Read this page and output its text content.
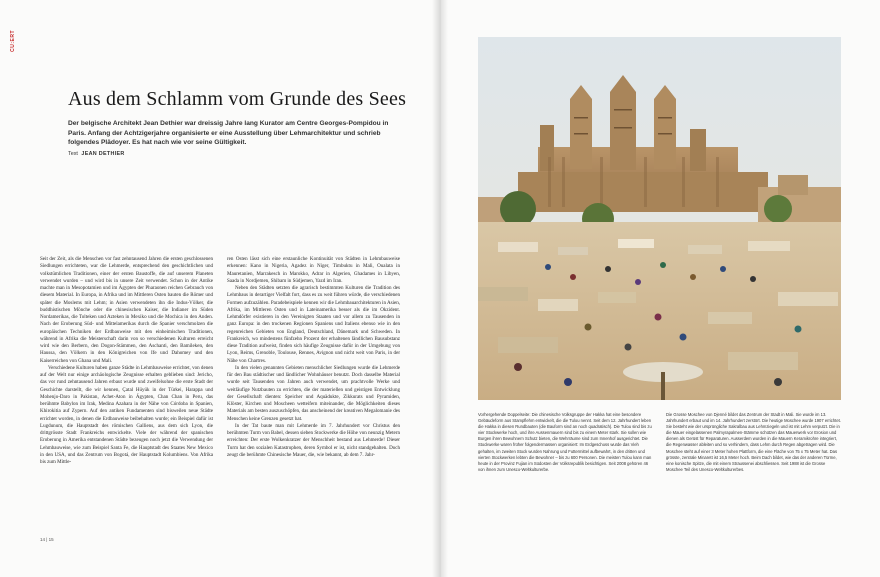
CU:ERT
Aus dem Schlamm vom Grunde des Sees

Der belgische Architekt Jean Dethier war dreissig Jahre lang Kurator am Centre Georges-Pompidou in Paris. Anfang der Achtzigerjahre organisierte er eine Ausstellung über Lehmarchitektur und schrieb folgendes Plädoyer. Es hat nach wie vor seine Gültigkeit.

Text JEAN DETHIER

Seit der Zeit, als die Menschen vor fast zehntausend Jahren die ersten geschlossenen Siedlungen errichteten, war die Lehmerde, entsprechend den geschichtlichen und volkstümlichen Traditionen, einer der ersten Baustoffe, die auf unserem Planeten verwendet wurden – und wird bis in unsere Zeit verwendet. Schon in der Antike machte man in Mesopotamien und im Ägypten der Pharaonen reichen Gebrauch von diesem Material. In Europa, in Afrika und im Mittleren Osten bauten die Römer und später die Moslems mit Lehm; in Asien verwendeten ihn die Indus-Völker, die buddhistischen Mönche oder die chinesischen Kaiser, die Indianer im Süden Nordamerikas, die Tolteken und Azteken in Mexiko und die Mochica in den Anden. Nach der Eroberung Süd- und Mittelamerikas durch die Spanier verschmolzen die europäischen Techniken der Erdbauweise mit den einheimischen Traditionen, während in Afrika die Meisterschaft darin von so verschiedenen Kulturen erreicht wird wie den Berbern, den Dogon-Stämmen, den Aschanti, den Bamileken, den Haussa, den Völkern in den Königreichen von Ife und Dahomey und den Kaiserreichen von Ghana und Mali.

Verschiedene Kulturen haben ganze Städte in Lehmbauweise errichtet, von denen auf der Welt nur einige archäologische Zeugnisse erhalten geblieben sind: Jericho, das vor rund zehntausend Jahren erbaut wurde und zweifelsohne die erste Stadt der Geschichte darstellt, die wir kennen, Çatal Hüyük in der Türkei, Harappa und Mohenjo-Daro in Pakistan, Achet-Aton in Ägypten, Chan Chan in Peru, das berühmte Babylon im Irak, Medina Azahara in der Nähe von Córdoba in Spanien, Khirokitia auf Zypern. Auf den antiken Fundamenten sind bisweilen neue Städte errichtet worden, in denen die Erdbauweise beibehalten wurde; ein Beispiel dafür ist Lugdunum, die Hauptstadt des römischen Galliens, aus dem sich Lyon, die drittgrösste Stadt Frankreichs entwickelte. Viele der während der spanischen Eroberung in Amerika entstandenen Städte bezeugen noch jetzt die Verwendung der Lehmbauweise, wie zum Beispiel Santa Fe, die Hauptstadt des Staates New Mexico in den USA, und das Zentrum von Bogotá, der Hauptstadt Kolumbiens. Von Afrika bis zum Mittle-

ren Osten lässt sich eine erstaunliche Kontinuität von Städten in Lehmbauweise erkennen: Kano in Nigeria, Agadez in Niger, Timbuktu in Mali, Oualata in Mauretanien, Marrakesch in Marokko, Adrar in Algerien, Ghadames in Libyen, Saada in Nordjemen, Shibam in Südjemen, Yazd im Iran.

Neben den Städten setzten die agrarisch bestimmten Kulturen die Tradition des Lehmbaus in derartiger Vielfalt fort, dass es zu weit führen würde, die verschiedenen Formen aufzuzählen. Paradebeispiele kennen wir die Lehmbauarchitekturen in Asien, Afrika, im Mittleren Osten und in Lateinamerika besser als die im Okzident. Lehmdörfer existieren in den Vereinigten Staaten und vor allem zu Tausenden in ganz Europa: in den trockenen Regionen Spaniens und Italiens ebenso wie in den regenreichen Gebieten von England, Deutschland, Dänemark und Schweden. In Frankreich, wo mindestens fünfzehn Prozent der erhaltenen ländlichen Bausubstanz diese Tradition aufweist, finden sich häufige Zeugnisse dafür in der Umgebung von Lyon, Reims, Grenoble, Toulouse, Rennes, Avignon und nicht weit von Paris, in der Nähe von Chartres.

In den vielen genannten Gebieten menschlicher Siedlungen wurde die Lehmerde für den Bau städtischer und ländlicher Wohnhäuser benutzt. Doch dasselbe Material wurde seit Tausenden von Jahren auch verwendet, um prachtvolle Werke und weitläufige Nutzbauten zu errichten, die der materiellen und geistigen Entwicklung der Gesellschaft dienten: Speicher und Aquädukte, Zikkurats und Pyramiden, Klöster, Kirchen und Moscheen wetteifern miteinander, die Möglichkeiten dieses Materials am besten auszuschöpfen, das anscheinend der kreativen Megalomanie des Menschen keine Grenzen gesetzt hat.

In der Tat baute man mit Lehmerde im 7. Jahrhundert vor Christus den berühmten Turm von Babel, dessen sieben Stockwerke die Höhe von neunzig Metern erreichten: Der erste Wolkenkratzer der Menschheit bestand aus Lehmerde! Dieser Turm hat den sozialen Katastrophen, deren Symbol er ist, nicht standgehalten. Doch zeugt die berühmte Chinesische Mauer, die, wie bekannt, ab dem 7. Jahr-

14 | 15

Vorhergehende Doppelseite: Die chinesische Volksgruppe der Hakka hat eine besondere Gebäudeform aus Stampflehm entwickelt, die die Tulou nennt. Seit dem 12. Jahrhundert leben die Hakka in diesen Rundbauten (die Bauform sind an noch quadratisch). Die Tulou sind bis zu vier Stockwerke hoch, und ihre Aussenmauern sind bis zu einem Meter stark. Sie sollen wie Burgen ihren Bewohnern Schutz bieten, die Wehrräume sind zum Innenhof ausgerichtet. Die Stockwerke waren früher folgendermassen organisiert: Im Erdgeschoss wurde das Vieh gehalten, im zweiten Stock wurden Nahrung und Futtermittel aufbewahrt, in den dritten und vierten Stockwerken lebten die Bewohner – bis zu 600 Personen. Die meisten Tulou kann man heute in der Provinz Fujian im Südosten der Volksrepublik besichtigen. Seit 2008 gehören 46 von ihnen zum Unesco-Weltkulturerbe.

Die Grosse Moschee von Djenné bildet das Zentrum der Stadt in Mali. Sie wurde im 13. Jahrhundert erbaut und im 14. Jahrhundert zerstört. Die heutige Moschee wurde 1907 errichtet. Sie besteht wie der ursprüngliche Sakralbau aus Lehmziegeln und ist mit Lehm verputzt. Die in die Mauer eingelassenen Palmyrapalmen-Stämme schützen das Mauerwerk vor Erosion und dienen als Gerüst für Reparaturen. Ausserdem wurden in die Mauern Keramikrohre integriert, die Regenwasser ableiten und so verhindern, dass Lehm durch Regen abgetragen wird. Die Moschee steht auf einer 3 Meter hohen Plattform, die eine Fläche von 75 x 75 Meter hat. Das grösste, zentrale Minarett ist 16,5 Meter hoch. Beim Dach bildet, wie das der anderen Türme, eine konische Spitze, die mit einem Straussenei abschliessen. Seit 1988 ist die Grosse Moschee Teil des Unesco-Weltkulturerbes.
